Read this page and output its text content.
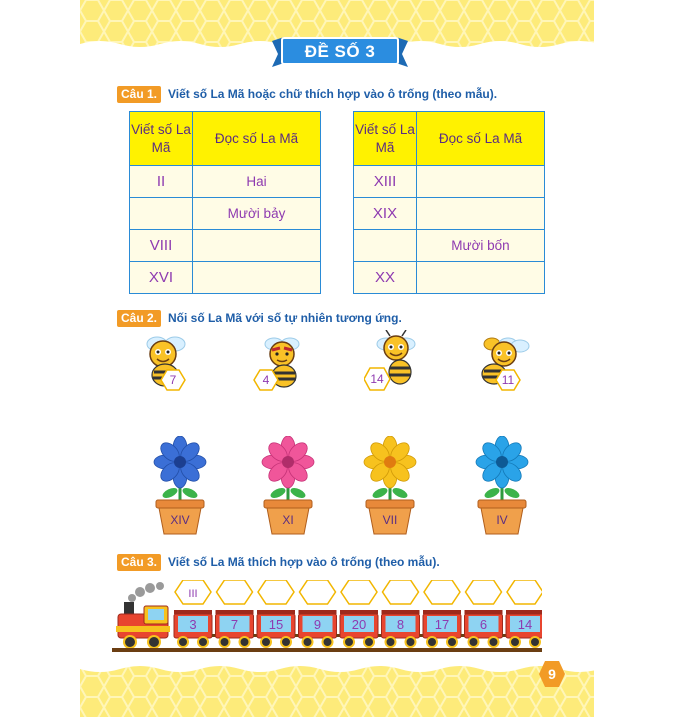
ĐỀ SỐ 3
Câu 1. Viết số La Mã hoặc chữ thích hợp vào ô trống (theo mẫu).
Viết số La Mã	Đọc số La Mã
II	Hai
	Mười bảy
VIII	
XVI	
Viết số La Mã	Đọc số La Mã
XIII	
XIX	
	Mười bốn
XX	
Câu 2. Nối số La Mã với số tự nhiên tương ứng.
7	4	14	11
XIV	XI	VII	IV
Câu 3. Viết số La Mã thích hợp vào ô trống (theo mẫu).
III
3	7 15 9 20 8 17 6 14
9
